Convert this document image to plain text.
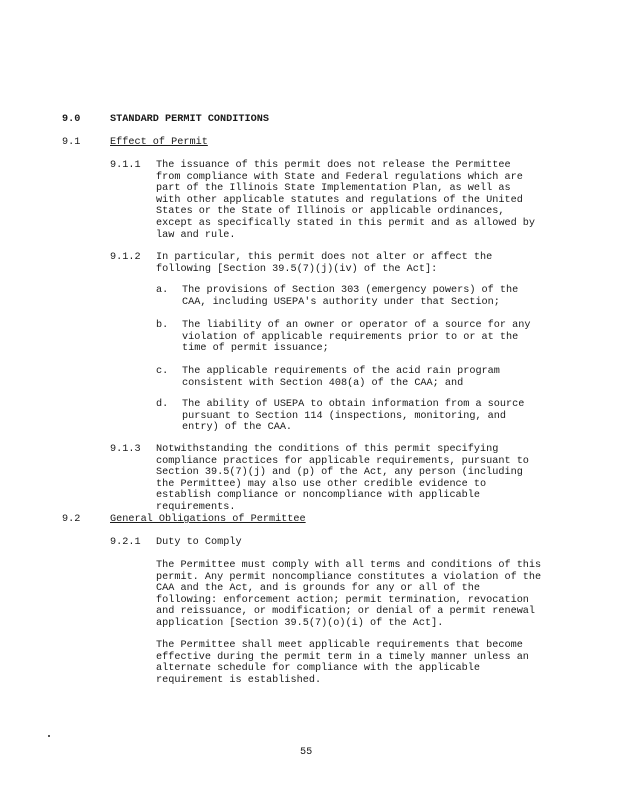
9.0	STANDARD PERMIT CONDITIONS
9.1	Effect of Permit
9.1.1 The issuance of this permit does not release the Permittee from compliance with State and Federal regulations which are part of the Illinois State Implementation Plan, as well as with other applicable statutes and regulations of the United States or the State of Illinois or applicable ordinances, except as specifically stated in this permit and as allowed by law and rule.
9.1.2 In particular, this permit does not alter or affect the following [Section 39.5(7)(j)(iv) of the Act]:
a. The provisions of Section 303 (emergency powers) of the CAA, including USEPA's authority under that Section;
b. The liability of an owner or operator of a source for any violation of applicable requirements prior to or at the time of permit issuance;
c. The applicable requirements of the acid rain program consistent with Section 408(a) of the CAA; and
d. The ability of USEPA to obtain information from a source pursuant to Section 114 (inspections, monitoring, and entry) of the CAA.
9.1.3 Notwithstanding the conditions of this permit specifying compliance practices for applicable requirements, pursuant to Section 39.5(7)(j) and (p) of the Act, any person (including the Permittee) may also use other credible evidence to establish compliance or noncompliance with applicable requirements.
9.2	General Obligations of Permittee
9.2.1 Duty to Comply
The Permittee must comply with all terms and conditions of this permit. Any permit noncompliance constitutes a violation of the CAA and the Act, and is grounds for any or all of the following: enforcement action; permit termination, revocation and reissuance, or modification; or denial of a permit renewal application [Section 39.5(7)(o)(i) of the Act].
The Permittee shall meet applicable requirements that become effective during the permit term in a timely manner unless an alternate schedule for compliance with the applicable requirement is established.
55
